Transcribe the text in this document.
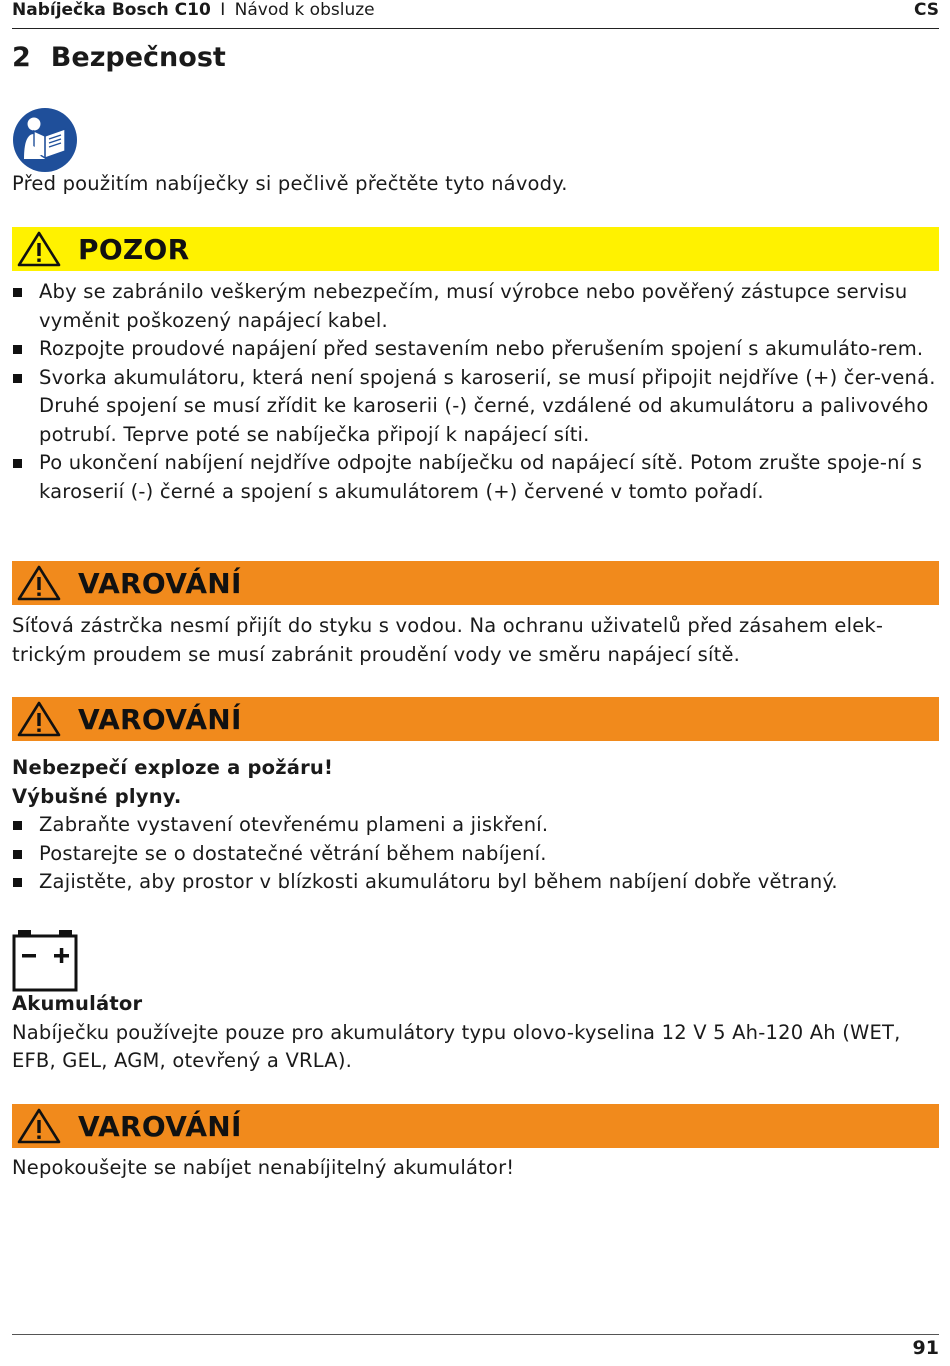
Nabíječka Bosch C10 I Návod k obsluze	CS
2 Bezpečnost
Před použitím nabíječky si pečlivě přečtěte tyto návody.
POZOR
Aby se zabránilo veškerým nebezpečím, musí výrobce nebo pověřený zástupce servisu vyměnit poškozený napájecí kabel.
Rozpojte proudové napájení před sestavením nebo přerušením spojení s akumuláto-rem.
Svorka akumulátoru, která není spojená s karoserií, se musí připojit nejdříve (+) čer-vená. Druhé spojení se musí zřídit ke karoserii (-) černé, vzdálené od akumulátoru a palivového potrubí. Teprve poté se nabíječka připojí k napájecí síti.
Po ukončení nabíjení nejdříve odpojte nabíječku od napájecí sítě. Potom zrušte spoje-ní s karoserií (-) černé a spojení s akumulátorem (+) červené v tomto pořadí.
VAROVÁNÍ
Síťová zástrčka nesmí přijít do styku s vodou. Na ochranu uživatelů před zásahem elek-trickým proudem se musí zabránit proudění vody ve směru napájecí sítě.
VAROVÁNÍ
Nebezpečí exploze a požáru!
Výbušné plyny.
Zabraňte vystavení otevřenému plameni a jiskření.
Postarejte se o dostatečné větrání během nabíjení.
Zajistěte, aby prostor v blízkosti akumulátoru byl během nabíjení dobře větraný.
Akumulátor
Nabíječku používejte pouze pro akumulátory typu olovo-kyselina 12 V 5 Ah-120 Ah (WET, EFB, GEL, AGM, otevřený a VRLA).
VAROVÁNÍ
Nepokoušejte se nabíjet nenabíjitelný akumulátor!
91
